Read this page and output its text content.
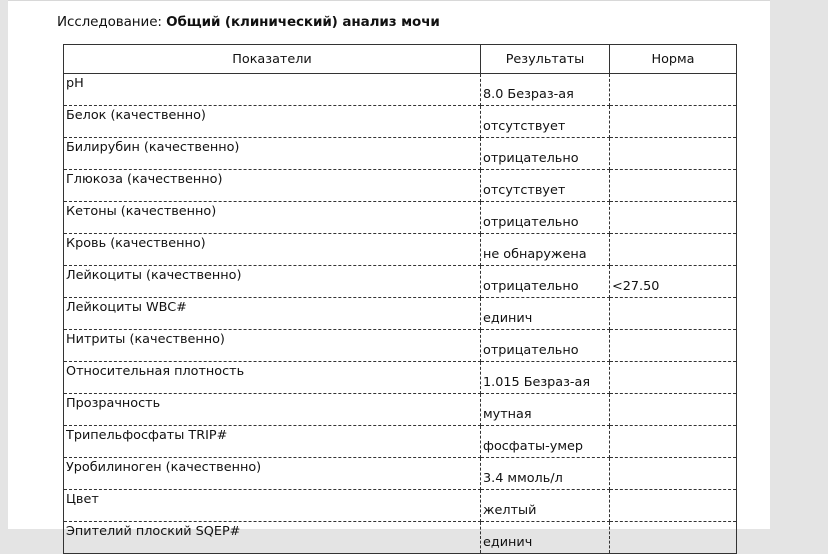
Исследование: Общий (клинический) анализ мочи
Показатели	Результаты	Норма
pH	8.0 Безраз-ая	
Белок (качественно)	отсутствует	
Билирубин (качественно)	отрицательно	
Глюкоза (качественно)	отсутствует	
Кетоны (качественно)	отрицательно	
Кровь (качественно)	не обнаружена	
Лейкоциты (качественно)	отрицательно	<27.50
Лейкоциты WBC#	единич	
Нитриты (качественно)	отрицательно	
Относительная плотность	1.015 Безраз-ая	
Прозрачность	мутная	
Трипельфосфаты TRIP#	фосфаты-умер	
Уробилиноген (качественно)	3.4 ммоль/л	
Цвет	желтый	
Эпителий плоский SQEP#	единич	
